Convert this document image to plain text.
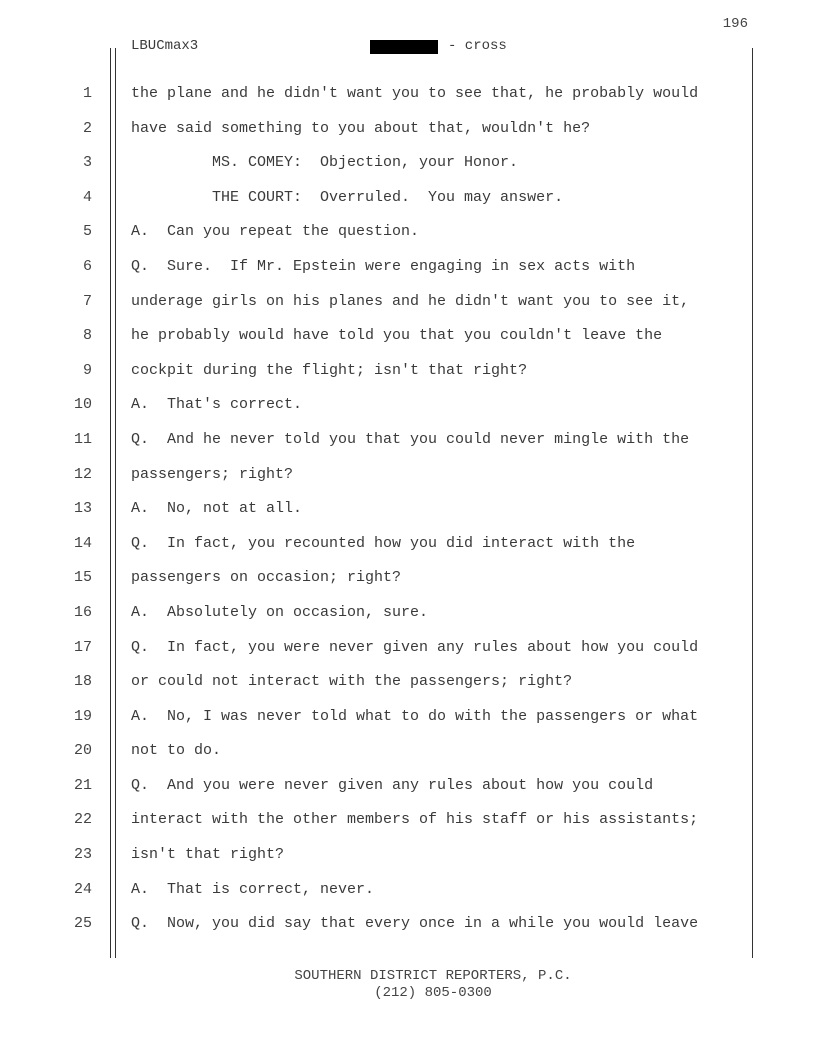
196
LBUCmax3	- cross
1	the plane and he didn't want you to see that, he probably would
2	have said something to you about that, wouldn't he?
3	MS. COMEY:  Objection, your Honor.
4	THE COURT:  Overruled.  You may answer.
5	A.  Can you repeat the question.
6	Q.  Sure.  If Mr. Epstein were engaging in sex acts with
7	underage girls on his planes and he didn't want you to see it,
8	he probably would have told you that you couldn't leave the
9	cockpit during the flight; isn't that right?
10	A.  That's correct.
11	Q.  And he never told you that you could never mingle with the
12	passengers; right?
13	A.  No, not at all.
14	Q.  In fact, you recounted how you did interact with the
15	passengers on occasion; right?
16	A.  Absolutely on occasion, sure.
17	Q.  In fact, you were never given any rules about how you could
18	or could not interact with the passengers; right?
19	A.  No, I was never told what to do with the passengers or what
20	not to do.
21	Q.  And you were never given any rules about how you could
22	interact with the other members of his staff or his assistants;
23	isn't that right?
24	A.  That is correct, never.
25	Q.  Now, you did say that every once in a while you would leave
SOUTHERN DISTRICT REPORTERS, P.C.
(212) 805-0300
